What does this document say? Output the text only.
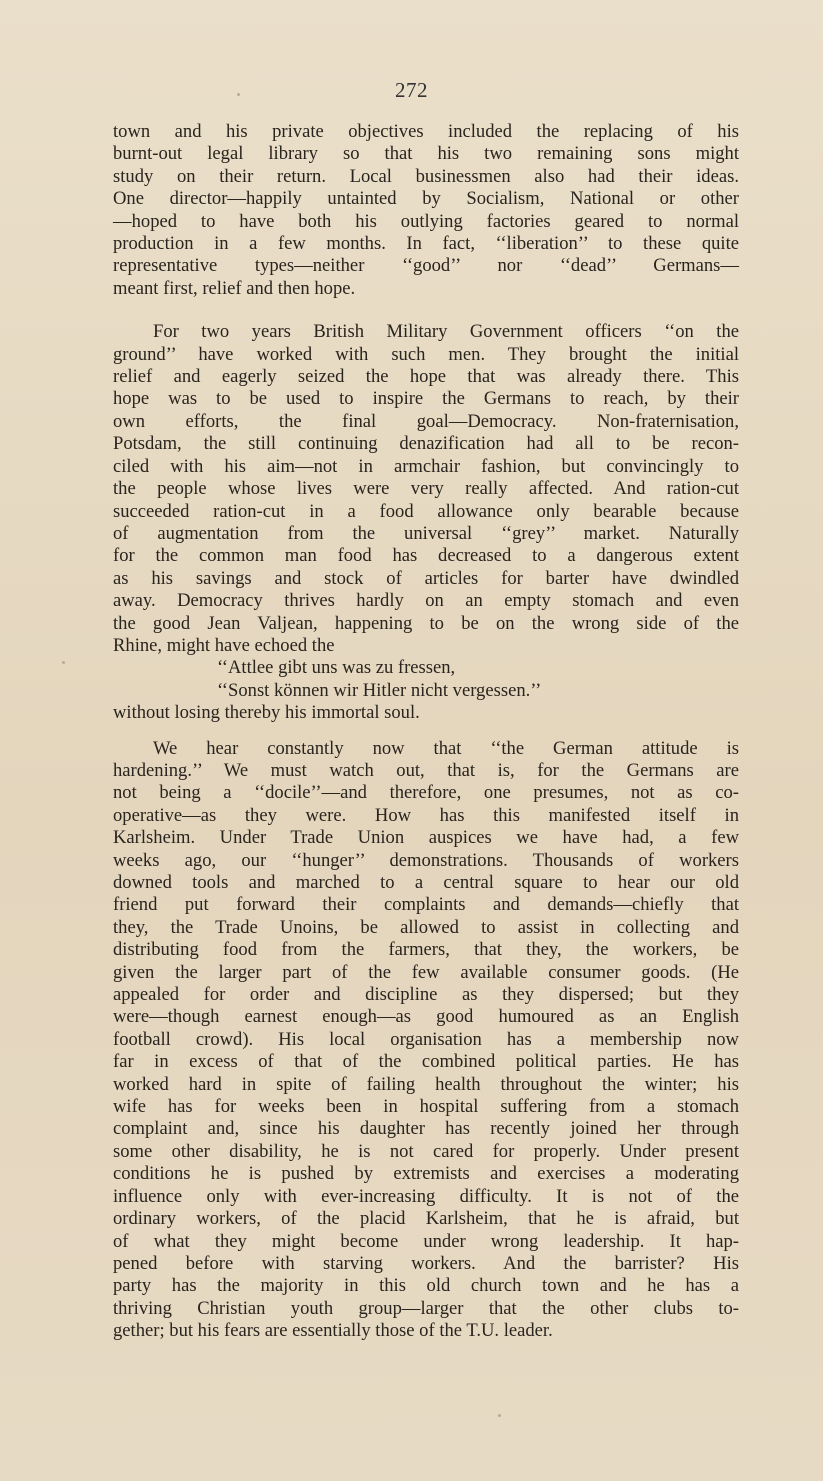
272
town and his private objectives included the replacing of his
burnt-out legal library so that his two remaining sons might
study on their return. Local businessmen also had their ideas.
One director—happily untainted by Socialism, National or other
—hoped to have both his outlying factories geared to normal
production in a few months. In fact, ‘‘liberation’’ to these quite
representative types—neither ‘‘good’’ nor ‘‘dead’’ Germans—
meant first, relief and then hope.
For two years British Military Government officers ‘‘on the
ground’’ have worked with such men. They brought the initial
relief and eagerly seized the hope that was already there. This
hope was to be used to inspire the Germans to reach, by their
own efforts, the final goal—Democracy. Non-fraternisation,
Potsdam, the still continuing denazification had all to be recon-
ciled with his aim—not in armchair fashion, but convincingly to
the people whose lives were very really affected. And ration-cut
succeeded ration-cut in a food allowance only bearable because
of augmentation from the universal ‘‘grey’’ market. Naturally
for the common man food has decreased to a dangerous extent
as his savings and stock of articles for barter have dwindled
away. Democracy thrives hardly on an empty stomach and even
the good Jean Valjean, happening to be on the wrong side of the
Rhine, might have echoed the
‘‘Attlee gibt uns was zu fressen,
‘‘Sonst können wir Hitler nicht vergessen.’’
without losing thereby his immortal soul.
We hear constantly now that ‘‘the German attitude is
hardening.’’ We must watch out, that is, for the Germans are
not being a ‘‘docile’’—and therefore, one presumes, not as co-
operative—as they were. How has this manifested itself in
Karlsheim. Under Trade Union auspices we have had, a few
weeks ago, our ‘‘hunger’’ demonstrations. Thousands of workers
downed tools and marched to a central square to hear our old
friend put forward their complaints and demands—chiefly that
they, the Trade Unoins, be allowed to assist in collecting and
distributing food from the farmers, that they, the workers, be
given the larger part of the few available consumer goods. (He
appealed for order and discipline as they dispersed; but they
were—though earnest enough—as good humoured as an English
football crowd). His local organisation has a membership now
far in excess of that of the combined political parties. He has
worked hard in spite of failing health throughout the winter; his
wife has for weeks been in hospital suffering from a stomach
complaint and, since his daughter has recently joined her through
some other disability, he is not cared for properly. Under present
conditions he is pushed by extremists and exercises a moderating
influence only with ever-increasing difficulty. It is not of the
ordinary workers, of the placid Karlsheim, that he is afraid, but
of what they might become under wrong leadership. It hap-
pened before with starving workers. And the barrister? His
party has the majority in this old church town and he has a
thriving Christian youth group—larger that the other clubs to-
gether; but his fears are essentially those of the T.U. leader.
